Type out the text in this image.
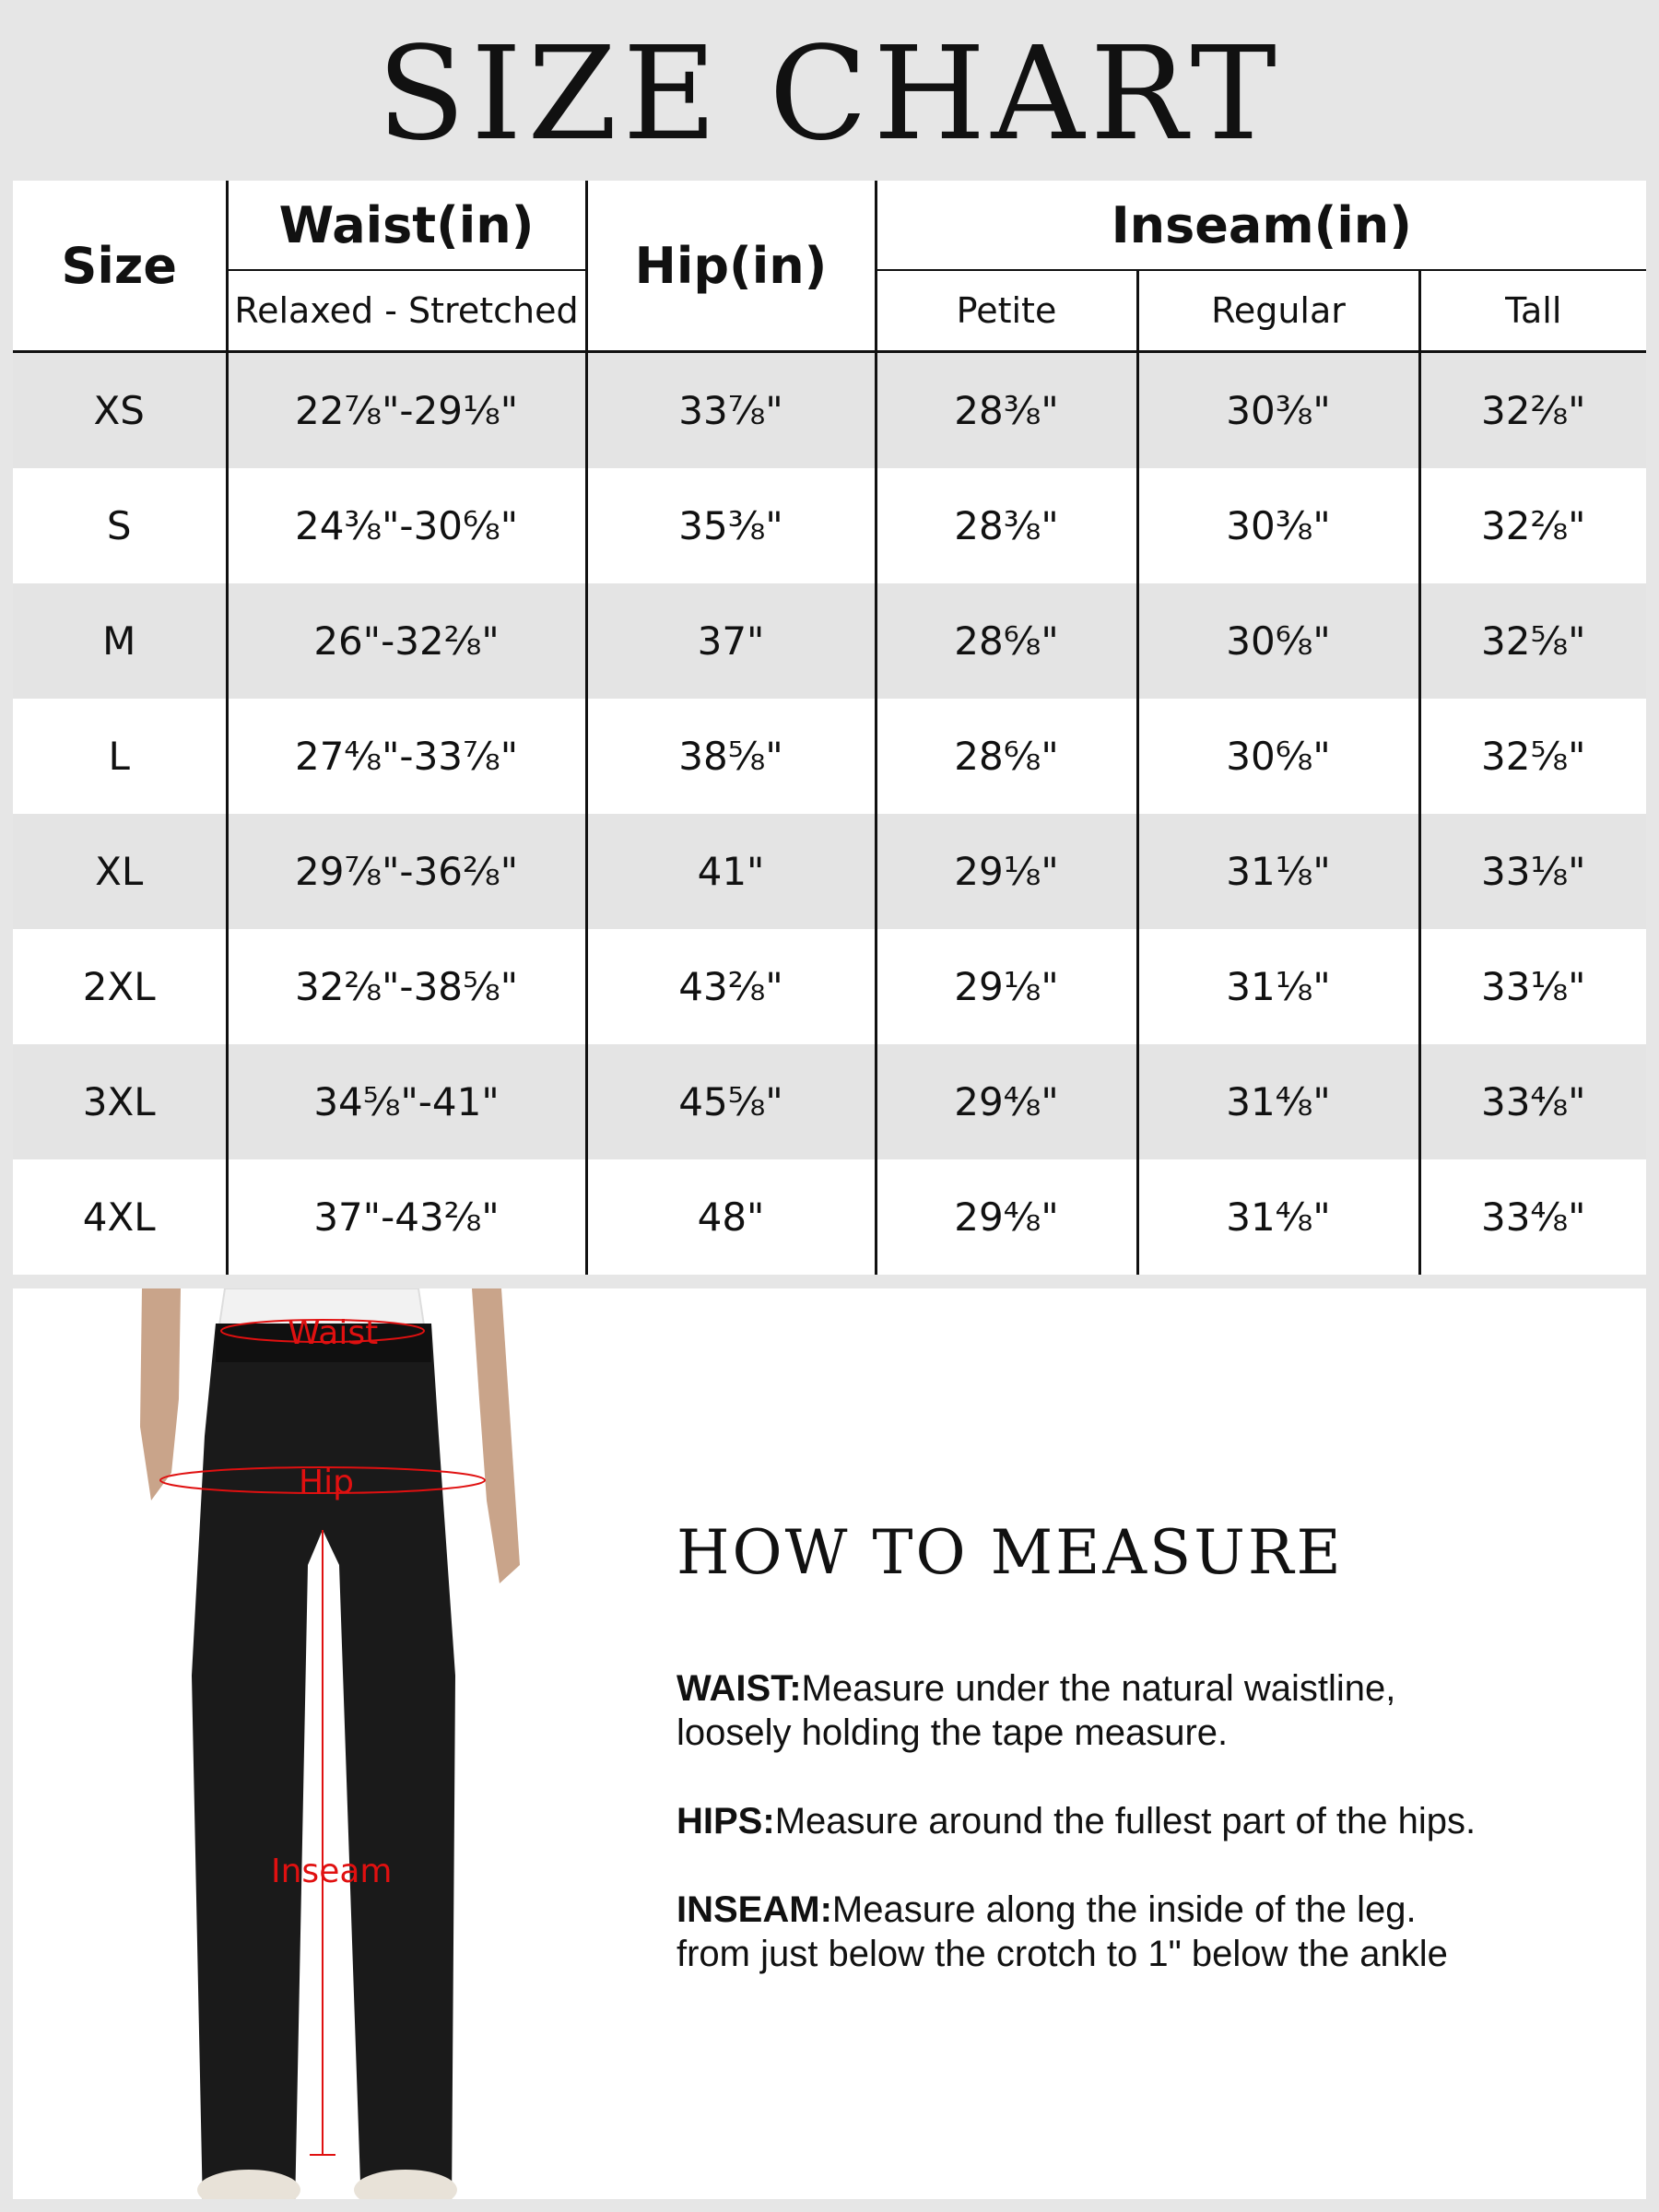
SIZE CHART
Size	Waist(in)	Hip(in)	Inseam(in)		
	Relaxed - Stretched		Petite	Regular	Tall
XS	22⁷⁄₈"-29¹⁄₈"	33⁷⁄₈"	28³⁄₈"	30³⁄₈"	32²⁄₈"
S	24³⁄₈"-30⁶⁄₈"	35³⁄₈"	28³⁄₈"	30³⁄₈"	32²⁄₈"
M	26"-32²⁄₈"	37"	28⁶⁄₈"	30⁶⁄₈"	32⁵⁄₈"
L	27⁴⁄₈"-33⁷⁄₈"	38⁵⁄₈"	28⁶⁄₈"	30⁶⁄₈"	32⁵⁄₈"
XL	29⁷⁄₈"-36²⁄₈"	41"	29¹⁄₈"	31¹⁄₈"	33¹⁄₈"
2XL	32²⁄₈"-38⁵⁄₈"	43²⁄₈"	29¹⁄₈"	31¹⁄₈"	33¹⁄₈"
3XL	34⁵⁄₈"-41"	45⁵⁄₈"	29⁴⁄₈"	31⁴⁄₈"	33⁴⁄₈"
4XL	37"-43²⁄₈"	48"	29⁴⁄₈"	31⁴⁄₈"	33⁴⁄₈"
Waist
Hip
Inseam
HOW TO MEASURE
WAIST:Measure under the natural waistline,
loosely holding the tape measure.
HIPS:Measure around the fullest part of the hips.
INSEAM:Measure along the inside of the leg.
from just below the crotch to 1" below the ankle
